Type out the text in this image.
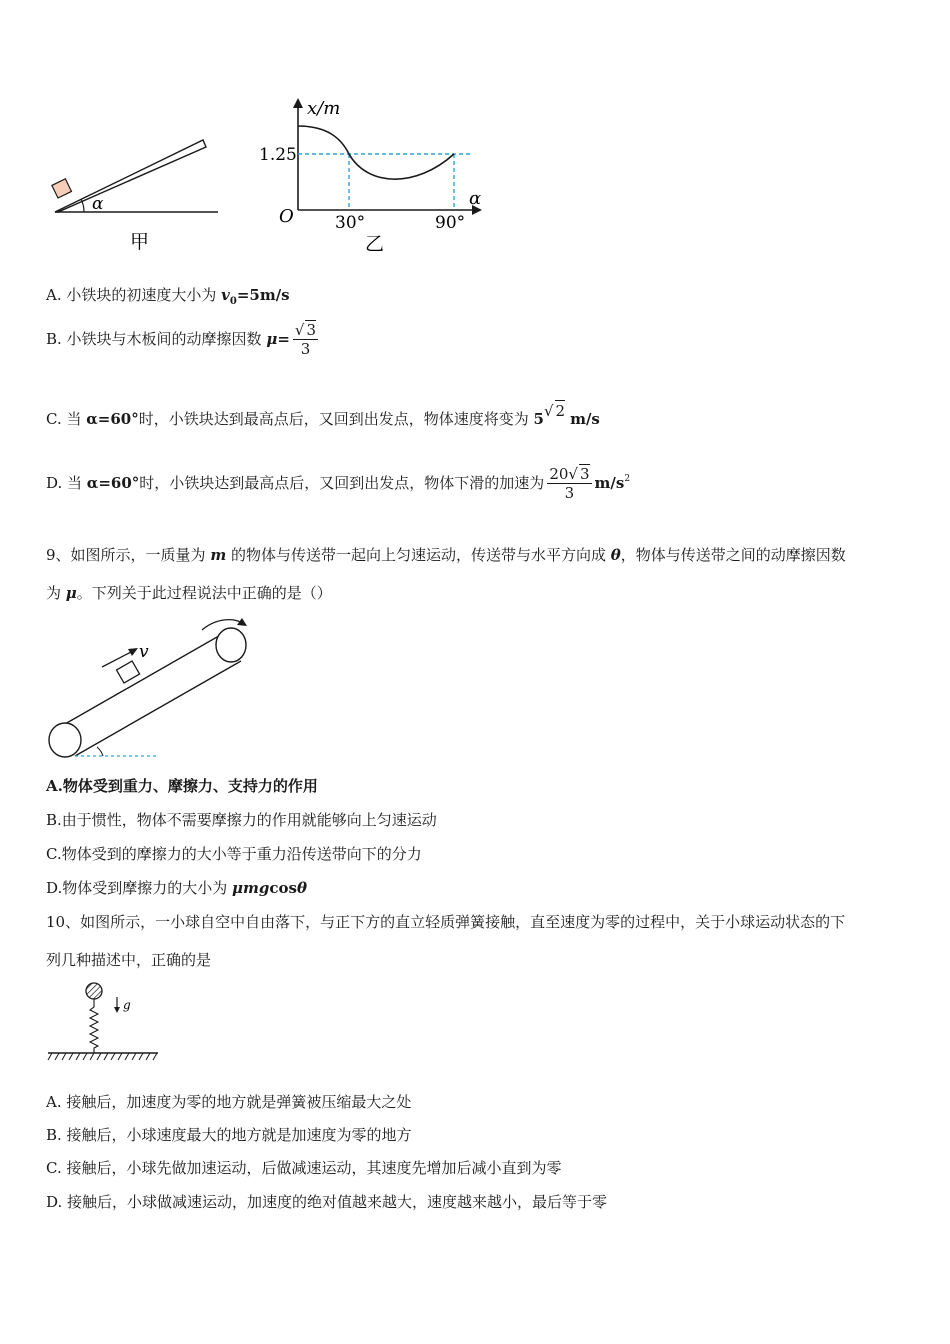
α
甲
x/m
α
O
1.25
30°	90°
乙
A. 小铁块的初速度大小为 $v_0=5m/s$
B. 小铁块与木板间的动摩擦因数 $\mu= \frac{√ 3}{3}$
C. 当 α=60°时，小铁块达到最高点后，又回到出发点，物体速度将变为 5√ 2 m/s
D. 当 α=60°时，小铁块达到最高点后，又回到出发点，物体下滑的加速为 $\frac{20√ 3}{3} m/s^2$
9、如图所示，一质量为 m 的物体与传送带一起向上匀速运动，传送带与水平方向成 θ，物体与传送带之间的动摩擦因数
为 μ。下列关于此过程说法中正确的是（）
v
A.物体受到重力、摩擦力、支持力的作用
B.由于惯性，物体不需要摩擦力的作用就能够向上匀速运动
C.物体受到的摩擦力的大小等于重力沿传送带向下的分力
D.物体受到摩擦力的大小为 μmgcosθ
10、如图所示，一小球自空中自由落下，与正下方的直立轻质弹簧接触，直至速度为零的过程中，关于小球运动状态的下
列几种描述中，正确的是
g
A. 接触后，加速度为零的地方就是弹簧被压缩最大之处
B. 接触后，小球速度最大的地方就是加速度为零的地方
C. 接触后，小球先做加速运动，后做减速运动，其速度先增加后减小直到为零
D. 接触后，小球做减速运动，加速度的绝对值越来越大，速度越来越小，最后等于零
